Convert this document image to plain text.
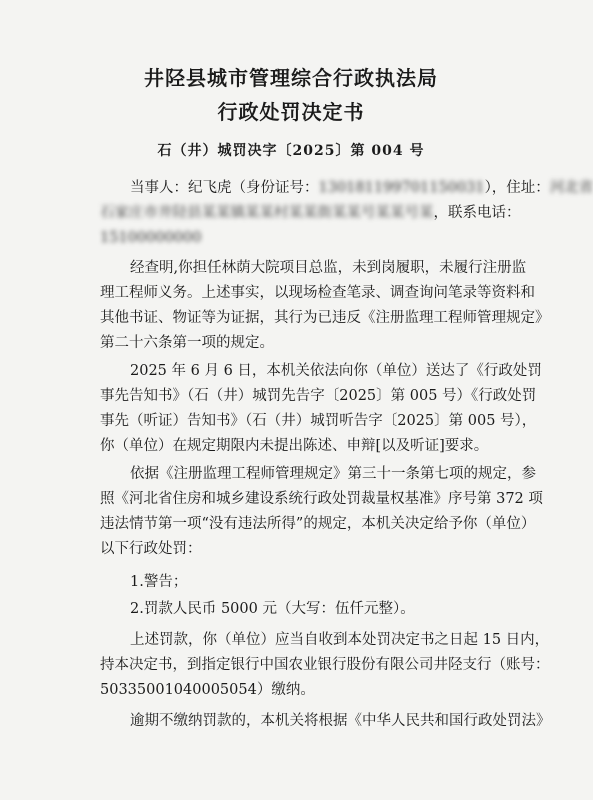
井陉县城市管理综合行政执法局
行政处罚决定书
石（井）城罚决字〔2025〕第 004 号
当事人：纪飞虎（身份证号：130181199701150031），住址：河北省
石家庄市井陉县某某镇某某村某某街某某号某某号某，联系电话：
15100000000
经查明,你担任林荫大院项目总监，未到岗履职，未履行注册监
理工程师义务。上述事实，以现场检查笔录、调查询问笔录等资料和
其他书证、物证等为证据，其行为已违反《注册监理工程师管理规定》
第二十六条第一项的规定。
2025 年 6 月 6 日，本机关依法向你（单位）送达了《行政处罚
事先告知书》（石（井）城罚先告字〔2025〕第 005 号）《行政处罚
事先（听证）告知书》（石（井）城罚听告字〔2025〕第 005 号），
你（单位）在规定期限内未提出陈述、申辩[以及听证]要求。
依据《注册监理工程师管理规定》第三十一条第七项的规定，参
照《河北省住房和城乡建设系统行政处罚裁量权基准》序号第 372 项
违法情节第一项“没有违法所得”的规定，本机关决定给予你（单位）
以下行政处罚：
1.警告；
2.罚款人民币 5000 元（大写：伍仟元整）。
上述罚款，你（单位）应当自收到本处罚决定书之日起 15 日内，
持本决定书，到指定银行中国农业银行股份有限公司井陉支行（账号：
50335001040005054）缴纳。
逾期不缴纳罚款的，本机关将根据《中华人民共和国行政处罚法》
